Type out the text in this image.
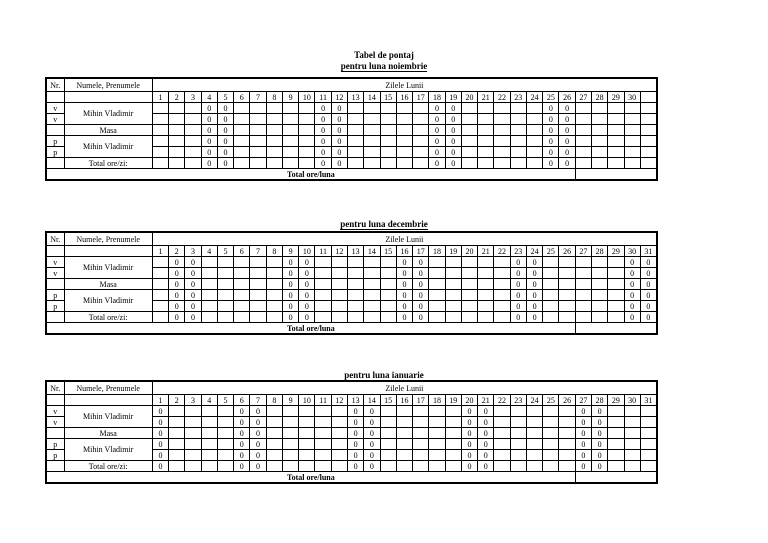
Tabel de pontaj
pentru luna noiembrie
Nr.	Numele, Prenumele	Zilele Lunii																														
		1	2	3	4	5	6	7	8	9	10	11	12	13	14	15	16	17	18	19	20	21	22	23	24	25	26	27	28	29	30	
v	Mihin Vladimir				0	0						0	0						0	0						0	0					
v					0	0						0	0						0	0						0	0					
	Masa				0	0						0	0						0	0						0	0					
p	Mihin Vladimir				0	0						0	0						0	0						0	0					
p					0	0						0	0						0	0						0	0					
	Total ore/zi:				0	0						0	0						0	0						0	0					
Total ore/luna																																
pentru luna decembrie
Nr.	Numele, Prenumele	Zilele Lunii																														
		1	2	3	4	5	6	7	8	9	10	11	12	13	14	15	16	17	18	19	20	21	22	23	24	25	26	27	28	29	30	31
v	Mihin Vladimir		0	0						0	0						0	0						0	0						0	0
v			0	0						0	0						0	0						0	0						0	0
	Masa		0	0						0	0						0	0						0	0						0	0
p	Mihin Vladimir		0	0						0	0						0	0						0	0						0	0
p			0	0						0	0						0	0						0	0						0	0
	Total ore/zi:		0	0						0	0						0	0						0	0						0	0
Total ore/luna																																
pentru luna ianuarie
Nr.	Numele, Prenumele	Zilele Lunii																														
		1	2	3	4	5	6	7	8	9	10	11	12	13	14	15	16	17	18	19	20	21	22	23	24	25	26	27	28	29	30	31
v	Mihin Vladimir	0					0	0						0	0						0	0						0	0			
v		0					0	0						0	0						0	0						0	0			
	Masa	0					0	0						0	0						0	0						0	0			
p	Mihin Vladimir	0					0	0						0	0						0	0						0	0			
p		0					0	0						0	0						0	0						0	0			
	Total ore/zi:	0					0	0						0	0						0	0						0	0			
Total ore/luna																																
